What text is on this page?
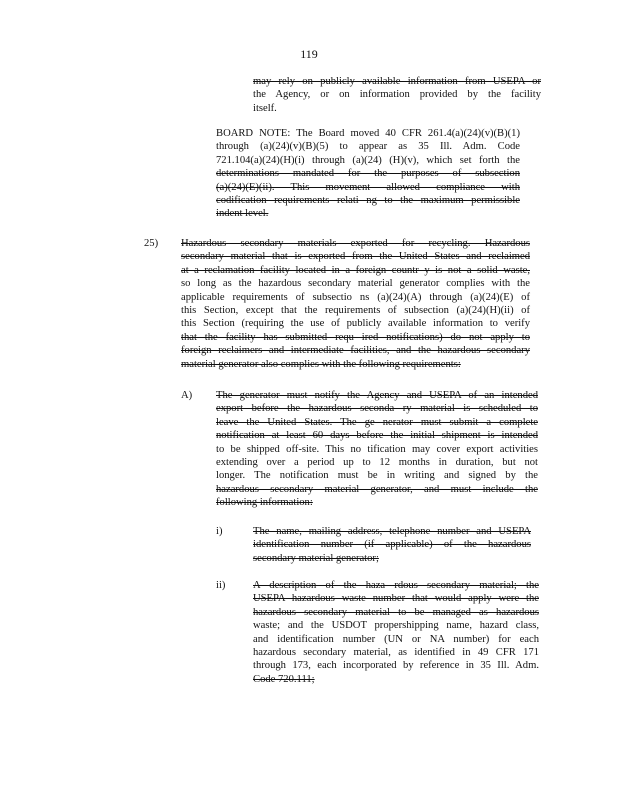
119
may rely on publicly available information from USEPA or
the Agency, or on information provided by the facility
itself.
BOARD NOTE: The Board moved 40 CFR 261.4(a)(24)(v)(B)(1)
through (a)(24)(v)(B)(5) to appear as 35 Ill. Adm. Code
721.104(a)(24)(H)(i) through (a)(24) (H)(v), which set forth the
determinations mandated for the purposes of subsection
(a)(24)(E)(ii). This movement allowed compliance with
codification requirements relati ng to the maximum permissible
indent level.
25) Hazardous secondary materials exported for recycling. Hazardous
secondary material that is exported from the United States and reclaimed
at a reclamation facility located in a foreign countr y is not a solid waste,
so long as the hazardous secondary material generator complies with the
applicable requirements of subsectio ns (a)(24)(A) through (a)(24)(E) of
this Section, except that the requirements of subsection (a)(24)(H)(ii) of
this Section (requiring the use of publicly available information to verify
that the facility has submitted requ ired notifications) do not apply to
foreign reclaimers and intermediate facilities, and the hazardous secondary
material generator also complies with the following requirements:
A) The generator must notify the Agency and USEPA of an intended
export before the hazardous seconda ry material is scheduled to
leave the United States. The ge nerator must submit a complete
notification at least 60 days before the initial shipment is intended
to be shipped off-site. This no tification may cover export activities
extending over a period up to 12 months in duration, but not
longer. The notification must be in writing and signed by the
hazardous secondary material generator, and must include the
following information:
i)	The name, mailing address, telephone number and USEPA
identification number (if applicable) of the hazardous
secondary material generator;
ii)	A description of the haza rdous secondary material; the
USEPA hazardous waste number that would apply were the
hazardous secondary material to be managed as hazardous
waste; and the USDOT propershipping name, hazard class,
and identification number (UN or NA number) for each
hazardous secondary material, as identified in 49 CFR 171
through 173, each incorporated by reference in 35 Ill. Adm.
Code 720.111;
